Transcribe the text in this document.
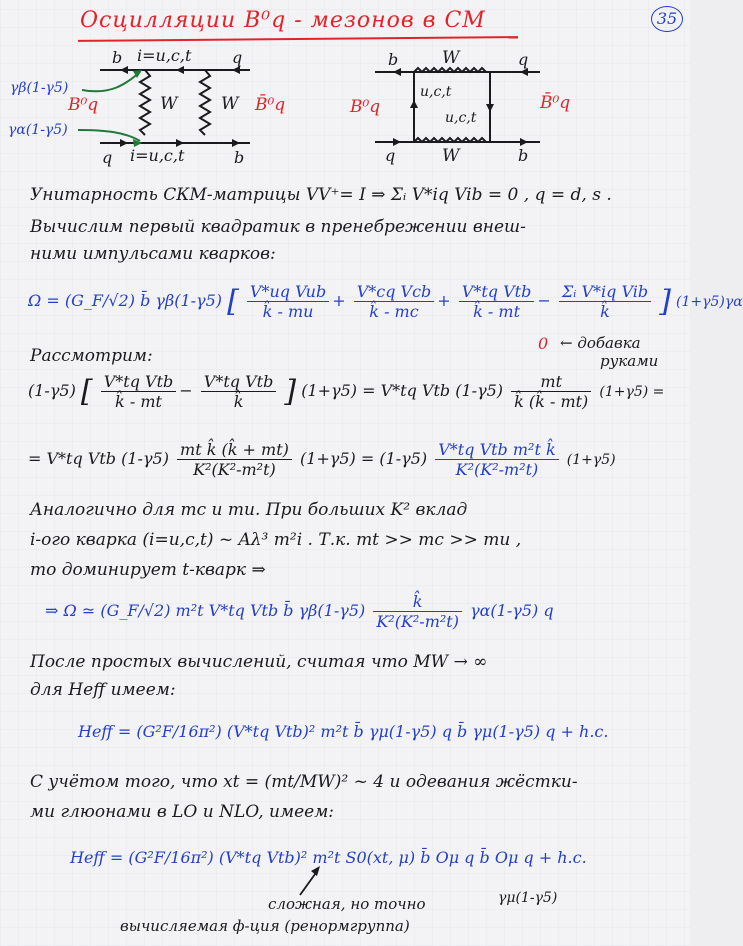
Осцилляции B⁰q - мезонов в СМ	35
b i=u,c,t	q
q i=u,c,t	b
W	W
B⁰q	B̄⁰q
γβ(1-γ5)
γα(1-γ5)
b	W	q
q	W	b
u,c,t
u,c,t
B⁰q	B̄⁰q
Унитарность СКМ-матрицы VV⁺= I ⇒ Σᵢ V*iq Vib = 0 , q = d, s .
Вычислим первый квадратик в пренебрежении внеш-
ними импульсами кварков:
Ω = (G_F/√2) b̄ γβ(1-γ5) [ $\frac{\text{V*uq Vub}}{k̂ - mu} + \frac{\text{V*cq Vcb}}{k̂ - mc} + \frac{\text{V*tq Vtb}}{k̂ - mt} - \frac{\text{Σᵢ V*iq Vib}}{k̂}$ ] (1+γ5)γα
0 ← добавка
руками
Рассмотрим:
(1-γ5) [ $\frac{\text{V*tq Vtb}}{k̂ - mt} - \frac{\text{V*tq Vtb}}{k̂}$ ] (1+γ5) = V*tq Vtb $(1-\gamma 5) \frac{mt}{k̂ (k̂ - mt)} (1+\gamma 5)$ =
= V*tq Vtb $(1-\gamma 5) \frac{\text{mt k̂ (k̂ + mt)}}{\text{K²(K²-m²t)}} (1+\gamma 5) = (1-\gamma 5) \frac{\text{V*tq Vtb m²t k̂}}{\text{K²(K²-m²t)}} (1+\gamma 5)$
Аналогично для mc и mu. При больших K² вклад
i-ого кварка (i=u,c,t) ~ Aλ³ m²i . Т.к. mt >> mc >> mu ,
то доминирует t-кварк ⇒
⇒ Ω ≃ (G_F/√2) m²t V*tq Vtb b̄ $\gamma\beta(1-\gamma 5) \frac{k̂}{\text{K²(K²-m²t)}} \gamma\alpha(1-\gamma 5)$ q
После простых вычислений, считая что MW → ∞
для Heff имеем:
Heff = (G²F/16π²) (V*tq Vtb)² m²t b̄ γμ(1-γ5) q b̄ γμ(1-γ5) q + h.c.
С учётом того, что xt = (mt/MW)² ~ 4 и одевания жёстки-
ми глюонами в LO и NLO, имеем:
Heff = (G²F/16π²) (V*tq Vtb)² m²t S0(xt, μ) b̄ Oμ q b̄ Oμ q + h.c.
γμ(1-γ5)
сложная, но точно
вычисляемая ф-ция (ренормгруппа)
